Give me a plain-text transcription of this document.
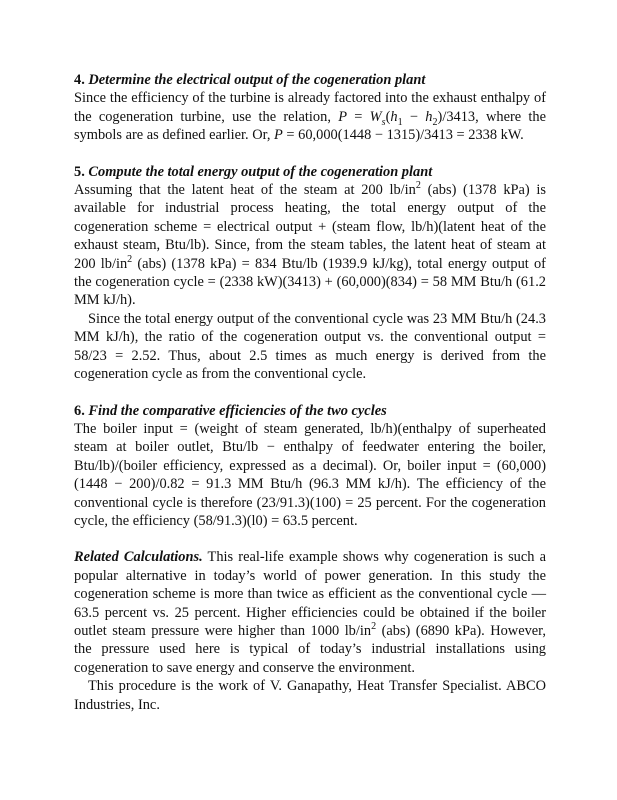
4. Determine the electrical output of the cogeneration plant

Since the efficiency of the turbine is already factored into the exhaust enthalpy of the cogeneration turbine, use the relation, $P = W_s(h_1 - h_2)/3413$, where the symbols are as defined earlier. Or, P = 60,000(1448 − 1315)/3413 = 2338 kW.

5. Compute the total energy output of the cogeneration plant

Assuming that the latent heat of the steam at 200 $lb/in^2$ (abs) (1378 kPa) is available for industrial process heating, the total energy output of the cogeneration scheme = electrical output + (steam flow, lb/h)(latent heat of the exhaust steam, Btu/lb). Since, from the steam tables, the latent heat of steam at 200 $lb/in^2$ (abs) (1378 kPa) = 834 Btu/lb (1939.9 kJ/kg), total energy output of the cogeneration cycle = (2338 kW)(3413) + (60,000)(834) = 58 MM Btu/h (61.2 MM kJ/h).

Since the total energy output of the conventional cycle was 23 MM Btu/h (24.3 MM kJ/h), the ratio of the cogeneration output vs. the conventional output = 58/23 = 2.52. Thus, about 2.5 times as much energy is derived from the cogeneration cycle as from the conventional cycle.

6. Find the comparative efficiencies of the two cycles

The boiler input = (weight of steam generated, lb/h)(enthalpy of superheated steam at boiler outlet, Btu/lb − enthalpy of feedwater entering the boiler, Btu/lb)/(boiler efficiency, expressed as a decimal). Or, boiler input = (60,000)(1448 − 200)/0.82 = 91.3 MM Btu/h (96.3 MM kJ/h). The efficiency of the conventional cycle is therefore (23/91.3)(100) = 25 percent. For the cogeneration cycle, the efficiency (58/91.3)(l0) = 63.5 percent.

Related Calculations. This real-life example shows why cogeneration is such a popular alternative in today’s world of power generation. In this study the cogeneration scheme is more than twice as efficient as the conventional cycle —63.5 percent vs. 25 percent. Higher efficiencies could be obtained if the boiler outlet steam pressure were higher than 1000 $lb/in^2$ (abs) (6890 kPa). However, the pressure used here is typical of today’s industrial installations using cogeneration to save energy and conserve the environment.

This procedure is the work of V. Ganapathy, Heat Transfer Specialist. ABCO Industries, Inc.
